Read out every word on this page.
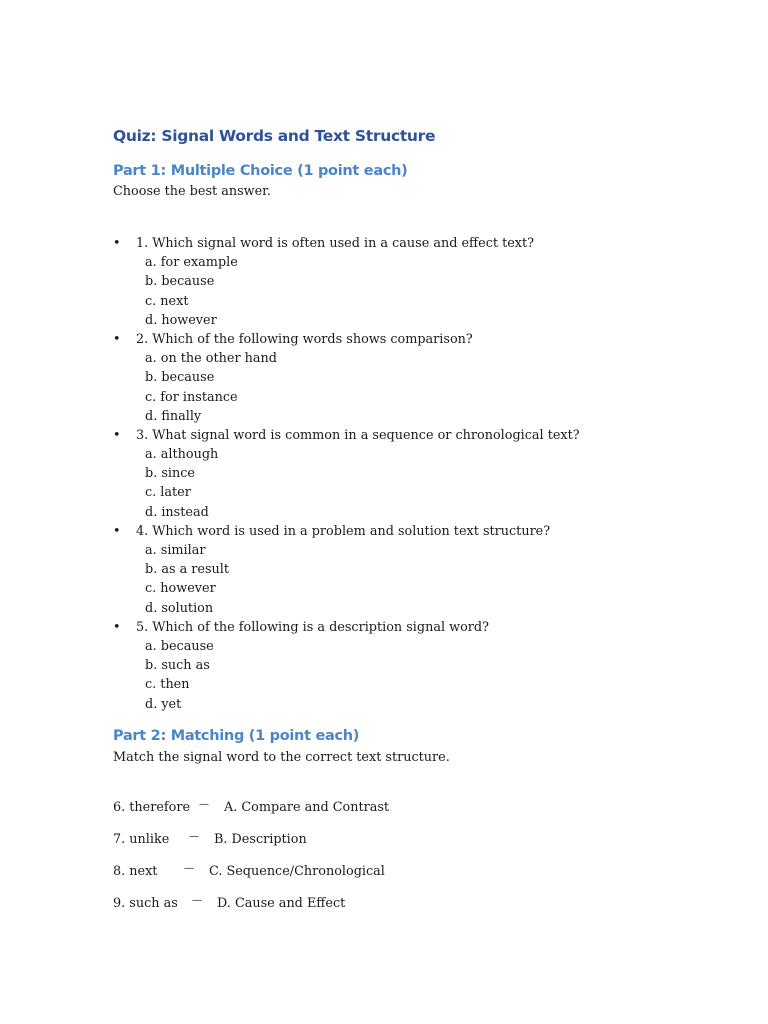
Quiz: Signal Words and Text Structure
Part 1: Multiple Choice (1 point each)

Choose the best answer.

•	1. Which signal word is often used in a cause and effect text?
a. for example
b. because
c. next
d. however
•	2. Which of the following words shows comparison?
a. on the other hand
b. because
c. for instance
d. finally
•	3. What signal word is common in a sequence or chronological text?
a. although
b. since
c. later
d. instead
•	4. Which word is used in a problem and solution text structure?
a. similar
b. as a result
c. however
d. solution
•	5. Which of the following is a description signal word?
a. because
b. such as
c. then
d. yet
Part 2: Matching (1 point each)

Match the signal word to the correct text structure.

6. therefore — A. Compare and Contrast
7. unlike — B. Description
8. next	— C. Sequence/Chronological
9. such as — D. Cause and Effect
